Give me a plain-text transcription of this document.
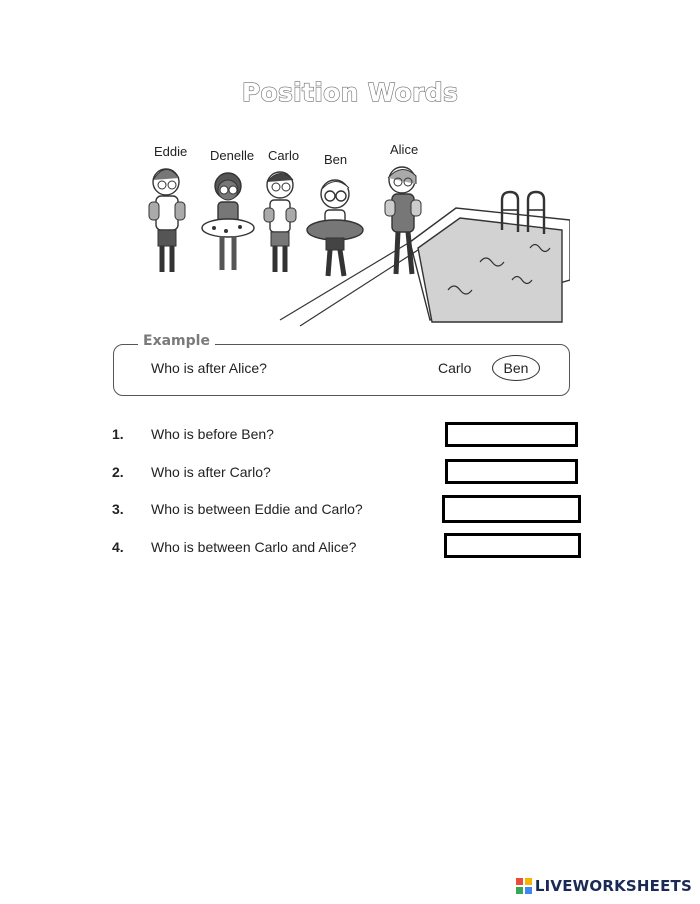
Position Words
Eddie Denelle Carlo Ben
Alice
Example
Who is after Alice?	Carlo	Ben
1. Who is before Ben?
2. Who is after Carlo?
3. Who is between Eddie and Carlo?
4. Who is between Carlo and Alice?
LIVEWORKSHEETS
